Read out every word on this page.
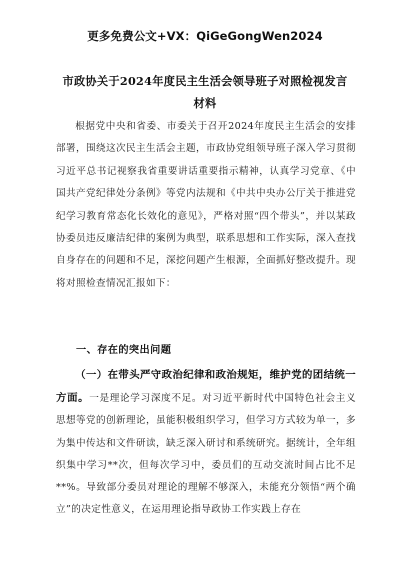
更多免费公文+VX：QiGeGongWen2024
市政协关于2024年度民主生活会领导班子对照检视发言材料

根据党中央和省委、市委关于召开2024年度民主生活会的安排部署，围绕这次民主生活会主题，市政协党组领导班子深入学习贯彻习近平总书记视察我省重要讲话重要指示精神，认真学习党章、《中国共产党纪律处分条例》等党内法规和《中共中央办公厅关于推进党纪学习教育常态化长效化的意见》，严格对照“四个带头”，并以某政协委员违反廉洁纪律的案例为典型，联系思想和工作实际，深入查找自身存在的问题和不足，深挖问题产生根源，全面抓好整改提升。现将对照检查情况汇报如下：

一、存在的突出问题

（一）在带头严守政治纪律和政治规矩，维护党的团结统一方面。一是理论学习深度不足。对习近平新时代中国特色社会主义思想等党的创新理论，虽能积极组织学习，但学习方式较为单一，多为集中传达和文件研读，缺乏深入研讨和系统研究。据统计，全年组织集中学习**次，但每次学习中，委员们的互动交流时间占比不足**%。导致部分委员对理论的理解不够深入，未能充分领悟“两个确立”的决定性意义，在运用理论指导政协工作实践上存在
